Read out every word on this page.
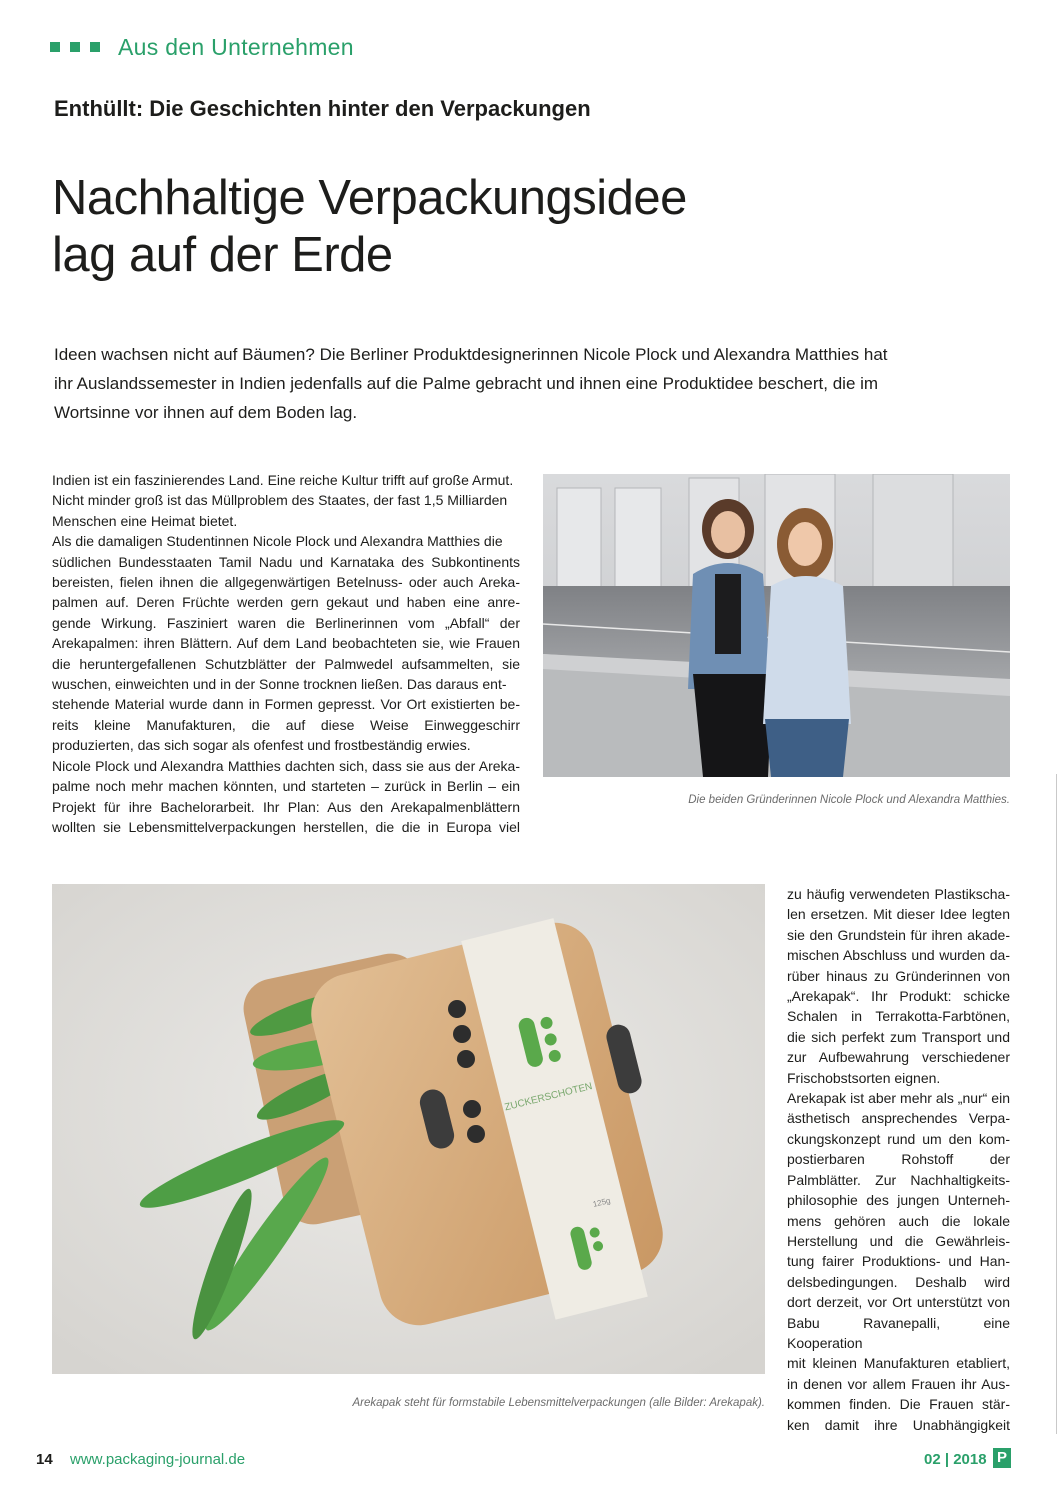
Aus den Unternehmen
Enthüllt: Die Geschichten hinter den Verpackungen
Nachhaltige Verpackungsidee
lag auf der Erde
Ideen wachsen nicht auf Bäumen? Die Berliner Produktdesignerinnen Nicole Plock und Alexandra Matthies hat
ihr Auslandssemester in Indien jedenfalls auf die Palme gebracht und ihnen eine Produktidee beschert, die im
Wortsinne vor ihnen auf dem Boden lag.
Indien ist ein faszinierendes Land. Eine reiche Kultur trifft auf große Armut.
Nicht minder groß ist das Müllproblem des Staates, der fast 1,5 Milliarden
Menschen eine Heimat bietet.
Als die damaligen Studentinnen Nicole Plock und Alexandra Matthies die
südlichen Bundesstaaten Tamil Nadu und Karnataka des Subkontinents
bereisten, fielen ihnen die allgegenwärtigen Betelnuss- oder auch Areka-
palmen auf. Deren Früchte werden gern gekaut und haben eine anre-
gende Wirkung. Fasziniert waren die Berlinerinnen vom „Abfall“ der
Arekapalmen: ihren Blättern. Auf dem Land beobachteten sie, wie Frauen
die heruntergefallenen Schutzblätter der Palmwedel aufsammelten, sie
wuschen, einweichten und in der Sonne trocknen ließen. Das daraus ent-
stehende Material wurde dann in Formen gepresst. Vor Ort existierten be-
reits kleine Manufakturen, die auf diese Weise Einweggeschirr
produzierten, das sich sogar als ofenfest und frostbeständig erwies.
Nicole Plock und Alexandra Matthies dachten sich, dass sie aus der Areka-
palme noch mehr machen könnten, und starteten – zurück in Berlin – ein
Projekt für ihre Bachelorarbeit. Ihr Plan: Aus den Arekapalmenblättern
wollten sie Lebensmittelverpackungen herstellen, die die in Europa viel
Die beiden Gründerinnen Nicole Plock und Alexandra Matthies.
ZUCKERSCHOTEN
125g
Arekapak steht für formstabile Lebensmittelverpackungen (alle Bilder: Arekapak).
zu häufig verwendeten Plastikscha-
len ersetzen. Mit dieser Idee legten
sie den Grundstein für ihren akade-
mischen Abschluss und wurden da-
rüber hinaus zu Gründerinnen von
„Arekapak“. Ihr Produkt: schicke
Schalen in Terrakotta-Farbtönen,
die sich perfekt zum Transport und
zur Aufbewahrung verschiedener
Frischobstsorten eignen.
Arekapak ist aber mehr als „nur“ ein
ästhetisch ansprechendes Verpa-
ckungskonzept rund um den kom-
postierbaren Rohstoff der
Palmblätter. Zur Nachhaltigkeits-
philosophie des jungen Unterneh-
mens gehören auch die lokale
Herstellung und die Gewährleis-
tung fairer Produktions- und Han-
delsbedingungen. Deshalb wird
dort derzeit, vor Ort unterstützt von
Babu Ravanepalli, eine Kooperation
mit kleinen Manufakturen etabliert,
in denen vor allem Frauen ihr Aus-
kommen finden. Die Frauen stär-
ken damit ihre Unabhängigkeit
14 www.packaging-journal.de	02 | 2018 P
